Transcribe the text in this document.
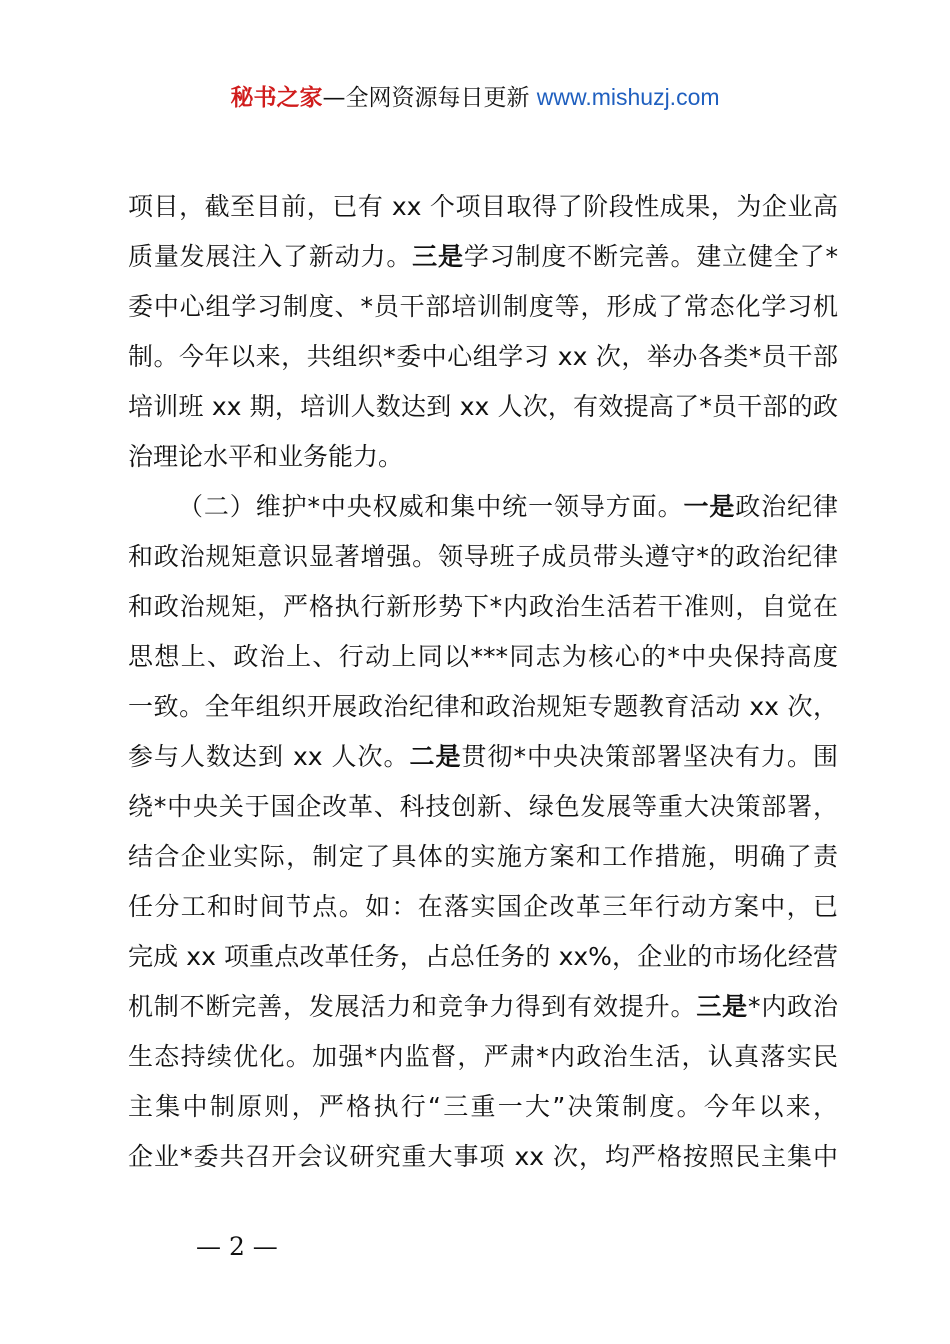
秘书之家—全网资源每日更新 www.mishuzj.com
项目，截至目前，已有 xx 个项目取得了阶段性成果，为企业高
质量发展注入了新动力。三是学习制度不断完善。建立健全了*
委中心组学习制度、*员干部培训制度等，形成了常态化学习机
制。今年以来，共组织*委中心组学习 xx 次，举办各类*员干部
培训班 xx 期，培训人数达到 xx 人次，有效提高了*员干部的政
治理论水平和业务能力。
（二）维护*中央权威和集中统一领导方面。一是政治纪律
和政治规矩意识显著增强。领导班子成员带头遵守*的政治纪律
和政治规矩，严格执行新形势下*内政治生活若干准则，自觉在
思想上、政治上、行动上同以***同志为核心的*中央保持高度
一致。全年组织开展政治纪律和政治规矩专题教育活动 xx 次，
参与人数达到 xx 人次。二是贯彻*中央决策部署坚决有力。围
绕*中央关于国企改革、科技创新、绿色发展等重大决策部署，
结合企业实际，制定了具体的实施方案和工作措施，明确了责
任分工和时间节点。如：在落实国企改革三年行动方案中，已
完成 xx 项重点改革任务，占总任务的 xx%，企业的市场化经营
机制不断完善，发展活力和竞争力得到有效提升。三是*内政治
生态持续优化。加强*内监督，严肃*内政治生活，认真落实民
主集中制原则，严格执行“三重一大”决策制度。今年以来，
企业*委共召开会议研究重大事项 xx 次，均严格按照民主集中
— 2 —
